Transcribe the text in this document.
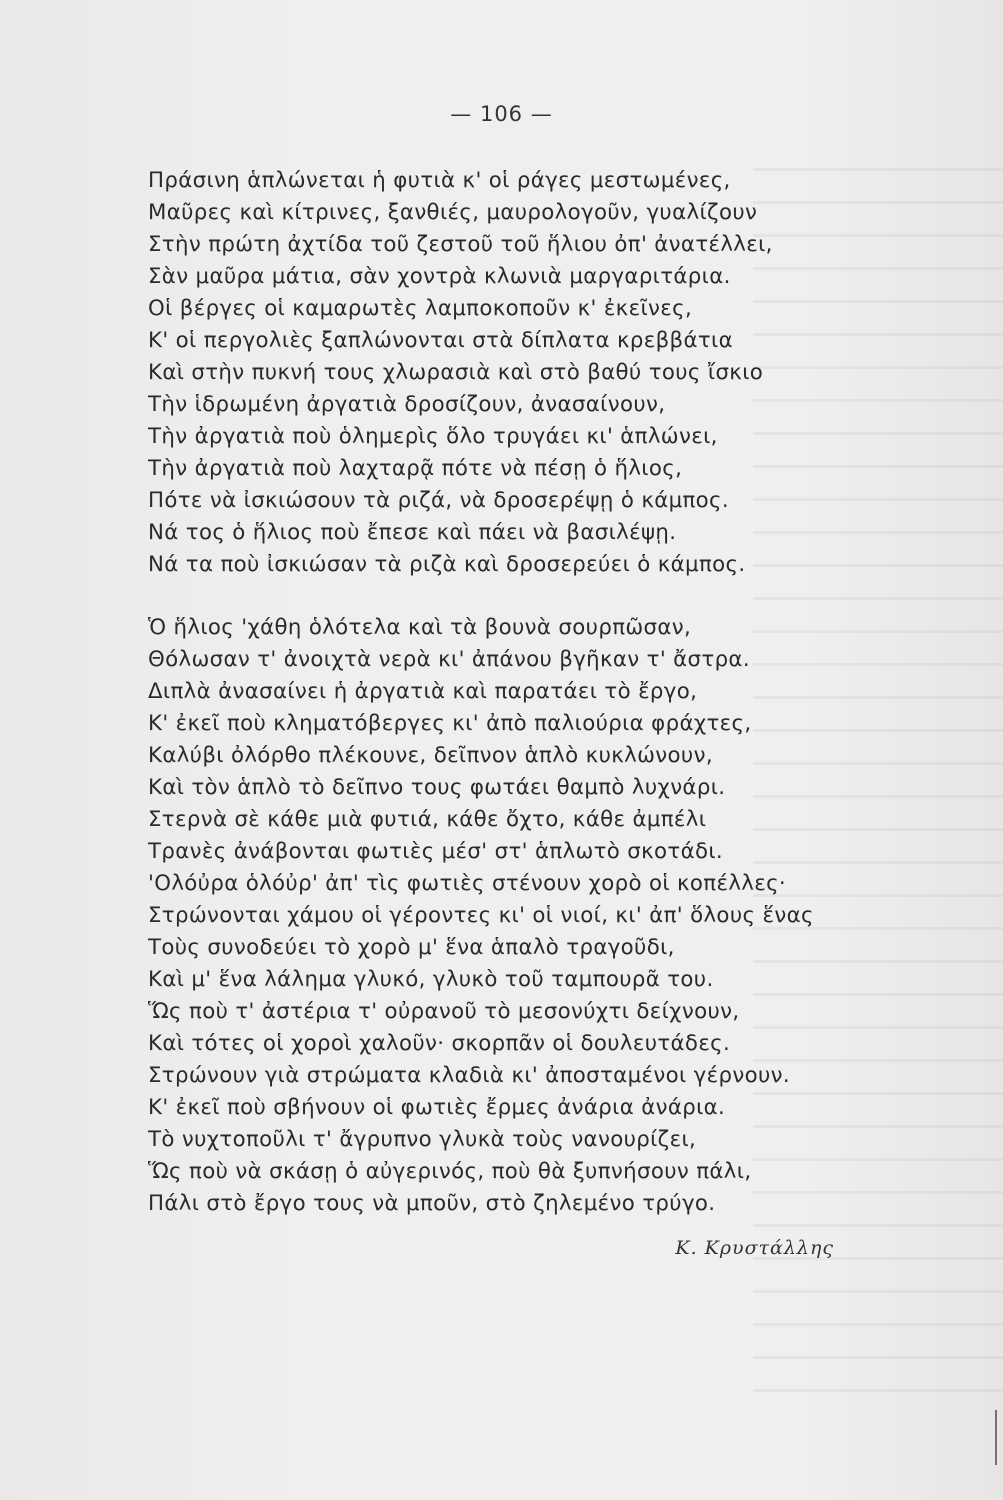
— 106 —
Πράσινη ἁπλώνεται ἡ φυτιὰ κ' οἱ ράγες μεστωμένες,
Μαῦρες καὶ κίτρινες, ξανθιές, μαυρολογοῦν, γυαλίζουν
Στὴν πρώτη ἀχτίδα τοῦ ζεστοῦ τοῦ ἥλιου ὀπ' ἀνατέλλει,
Σὰν μαῦρα μάτια, σὰν χοντρὰ κλωνιὰ μαργαριτάρια.
Οἱ βέργες οἱ καμαρωτὲς λαμποκοποῦν κ' ἐκεῖνες,
Κ' οἱ περγολιὲς ξαπλώνονται στὰ δίπλατα κρεββάτια
Καὶ στὴν πυκνή τους χλωρασιὰ καὶ στὸ βαθύ τους ἴσκιο
Τὴν ἱδρωμένη ἀργατιὰ δροσίζουν, ἀνασαίνουν,
Τὴν ἀργατιὰ ποὺ ὁλημερὶς ὅλο τρυγάει κι' ἁπλώνει,
Τὴν ἀργατιὰ ποὺ λαχταρᾷ πότε νὰ πέσῃ ὁ ἥλιος,
Πότε νὰ ἰσκιώσουν τὰ ριζά, νὰ δροσερέψῃ ὁ κάμπος.
Νά τος ὁ ἥλιος ποὺ ἔπεσε καὶ πάει νὰ βασιλέψῃ.
Νά τα ποὺ ἰσκιώσαν τὰ ριζὰ καὶ δροσερεύει ὁ κάμπος.
Ὁ ἥλιος 'χάθη ὁλότελα καὶ τὰ βουνὰ σουρπῶσαν,
Θόλωσαν τ' ἀνοιχτὰ νερὰ κι' ἀπάνου βγῆκαν τ' ἄστρα.
Διπλὰ ἀνασαίνει ἡ ἀργατιὰ καὶ παρατάει τὸ ἔργο,
Κ' ἐκεῖ ποὺ κληματόβεργες κι' ἀπὸ παλιούρια φράχτες,
Καλύβι ὀλόρθο πλέκουνε, δεῖπνον ἁπλὸ κυκλώνουν,
Καὶ τὸν ἁπλὸ τὸ δεῖπνο τους φωτάει θαμπὸ λυχνάρι.
Στερνὰ σὲ κάθε μιὰ φυτιά, κάθε ὄχτο, κάθε ἀμπέλι
Τρανὲς ἀνάβονται φωτιὲς μέσ' στ' ἁπλωτὸ σκοτάδι.
'Ολόὐρα ὁλόὐρ' ἀπ' τὶς φωτιὲς στένουν χορὸ οἱ κοπέλλες·
Στρώνονται χάμου οἱ γέροντες κι' οἱ νιοί, κι' ἀπ' ὅλους ἕνας
Τοὺς συνοδεύει τὸ χορὸ μ' ἕνα ἁπαλὸ τραγοῦδι,
Καὶ μ' ἕνα λάλημα γλυκό, γλυκὸ τοῦ ταμπουρᾶ του.
Ὥς ποὺ τ' ἀστέρια τ' οὐρανοῦ τὸ μεσονύχτι δείχνουν,
Καὶ τότες οἱ χοροὶ χαλοῦν· σκορπᾶν οἱ δουλευτάδες.
Στρώνουν γιὰ στρώματα κλαδιὰ κι' ἀποσταμένοι γέρνουν.
Κ' ἐκεῖ ποὺ σβήνουν οἱ φωτιὲς ἔρμες ἀνάρια ἀνάρια.
Τὸ νυχτοποῦλι τ' ἄγρυπνο γλυκὰ τοὺς νανουρίζει,
Ὥς ποὺ νὰ σκάσῃ ὁ αὐγερινός, ποὺ θὰ ξυπνήσουν πάλι,
Πάλι στὸ ἔργο τους νὰ μποῦν, στὸ ζηλεμένο τρύγο.
Κ. Κρυστάλλης
